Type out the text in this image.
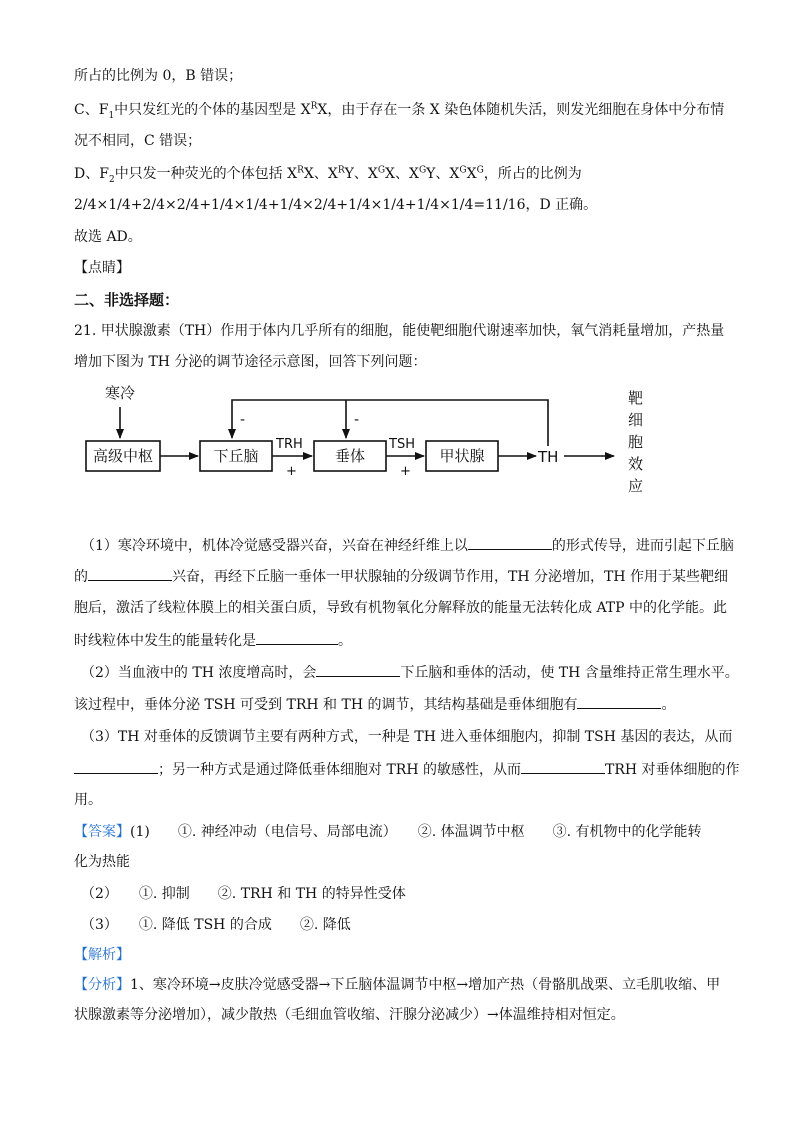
所占的比例为 0，B 错误；
C、$F_1$中只发红光的个体的基因型是 $X^RX$，由于存在一条 X 染色体随机失活，则发光细胞在身体中分布情
况不相同，C 错误；
D、$F_2$中只发一种荧光的个体包括 $X^RX$、$X^RY$、$X^GX$、$X^GY$、$X^GX^G$，所占的比例为
2/4×1/4+2/4×2/4+1/4×1/4+1/4×2/4+1/4×1/4+1/4×1/4=11/16，D 正确。
故选 AD。
【点睛】
二、非选择题：
21. 甲状腺激素（TH）作用于体内几乎所有的细胞，能使靶细胞代谢速率加快，氧气消耗量增加，产热量
增加下图为 TH 分泌的调节途径示意图，回答下列问题：
寒冷
高级中枢	下丘脑	垂体	甲状腺	TH
TRH	TSH
+	+
-	-
靶
细
胞
效
应
（1）寒冷环境中，机体冷觉感受器兴奋，兴奋在神经纤维上以	的形式传导，进而引起下丘脑
的	兴奋，再经下丘脑一垂体一甲状腺轴的分级调节作用，TH 分泌增加，TH 作用于某些靶细
胞后，激活了线粒体膜上的相关蛋白质，导致有机物氧化分解释放的能量无法转化成 ATP 中的化学能。此
时线粒体中发生的能量转化是	。
（2）当血液中的 TH 浓度增高时，会	下丘脑和垂体的活动，使 TH 含量维持正常生理水平。
该过程中，垂体分泌 TSH 可受到 TRH 和 TH 的调节，其结构基础是垂体细胞有	。
（3）TH 对垂体的反馈调节主要有两种方式，一种是 TH 进入垂体细胞内，抑制 TSH 基因的表达，从而
；另一种方式是通过降低垂体细胞对 TRH 的敏感性，从而	TRH 对垂体细胞的作
用。
【答案】(1)　　①. 神经冲动（电信号、局部电流）　　②. 体温调节中枢　　③. 有机物中的化学能转
化为热能
（2）　　①. 抑制　　②. TRH 和 TH 的特异性受体
（3）　　①. 降低 TSH 的合成　　②. 降低
【解析】
【分析】1、寒冷环境→皮肤冷觉感受器→下丘脑体温调节中枢→增加产热（骨骼肌战栗、立毛肌收缩、甲
状腺激素等分泌增加），减少散热（毛细血管收缩、汗腺分泌减少）→体温维持相对恒定。
